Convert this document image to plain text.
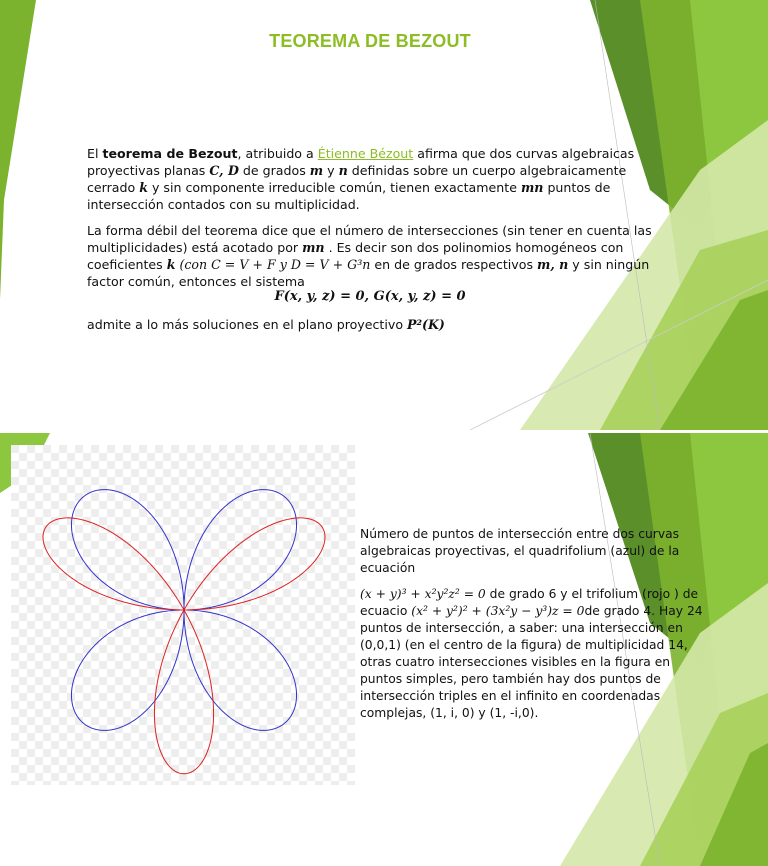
TEOREMA DE BEZOUT

El teorema de Bezout, atribuido a Étienne Bézout afirma que dos curvas algebraicas proyectivas planas C, D de grados m y n definidas sobre un cuerpo algebraicamente cerrado k y sin componente irreducible común, tienen exactamente mn puntos de intersección contados con su multiplicidad.

La forma débil del teorema dice que el número de intersecciones (sin tener en cuenta las multiplicidades) está acotado por mn . Es decir son dos polinomios homogéneos con coeficientes k (con C = V + F y D = V + G³n en de grados respectivos m, n y sin ningún factor común, entonces el sistema

F(x, y, z) = 0, G(x, y, z) = 0

admite a lo más soluciones en el plano proyectivo P²(K)

Número de puntos de intersección entre dos curvas algebraicas proyectivas, el quadrifolium (azul) de la ecuación

(x + y)³ + x²y²z² = 0 de grado 6 y el trifolium (rojo ) de ecuacio (x² + y²)² + (3x²y − y³)z = 0de grado 4. Hay 24 puntos de intersección, a saber: una intersección en (0,0,1) (en el centro de la figura) de multiplicidad 14, otras cuatro intersecciones visibles en la figura en puntos simples, pero también hay dos puntos de intersección triples en el infinito en coordenadas complejas, (1, i, 0) y (1, -i,0).
